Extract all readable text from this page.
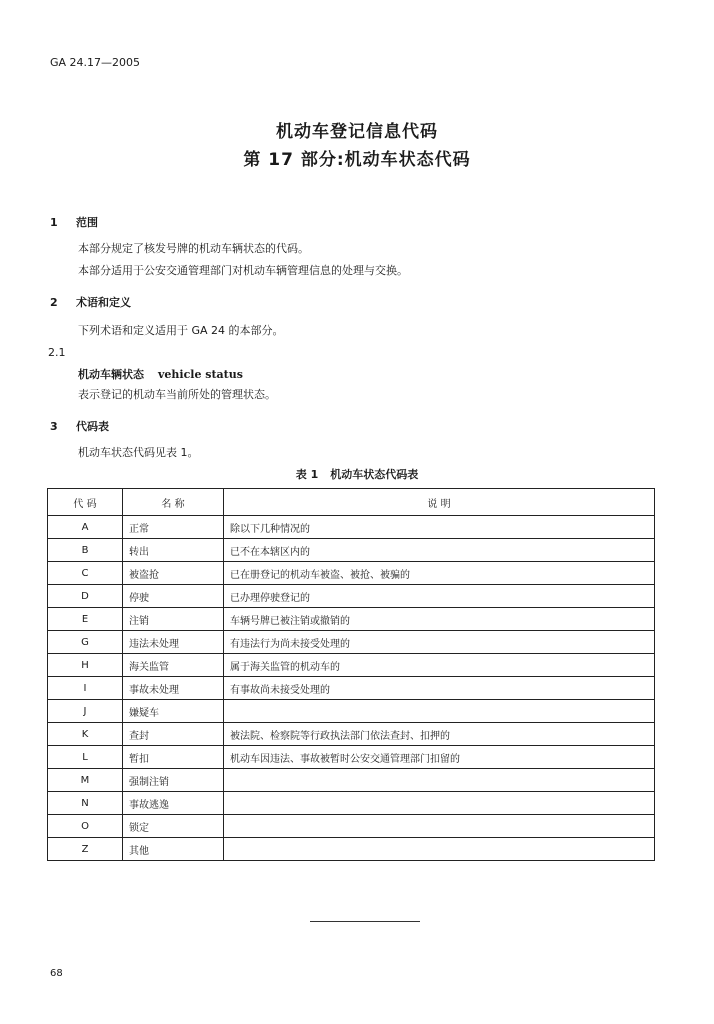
GA 24.17—2005
机动车登记信息代码
第 17 部分:机动车状态代码
1 范围
本部分规定了核发号牌的机动车辆状态的代码。
本部分适用于公安交通管理部门对机动车辆管理信息的处理与交换。
2 术语和定义
下列术语和定义适用于 GA 24 的本部分。
2.1
机动车辆状态 vehicle status
表示登记的机动车当前所处的管理状态。
3 代码表
机动车状态代码见表 1。
表 1 机动车状态代码表
代 码	名 称	说 明
A	正常	除以下几种情况的
B	转出	已不在本辖区内的
C	被盗抢	已在册登记的机动车被盗、被抢、被骗的
D	停驶	已办理停驶登记的
E	注销	车辆号牌已被注销或撤销的
G	违法未处理	有违法行为尚未接受处理的
H	海关监管	属于海关监管的机动车的
I	事故未处理	有事故尚未接受处理的
J	嫌疑车	
K	查封	被法院、检察院等行政执法部门依法查封、扣押的
L	暂扣	机动车因违法、事故被暂时公安交通管理部门扣留的
M	强制注销	
N	事故逃逸	
O	锁定	
Z	其他	
68
